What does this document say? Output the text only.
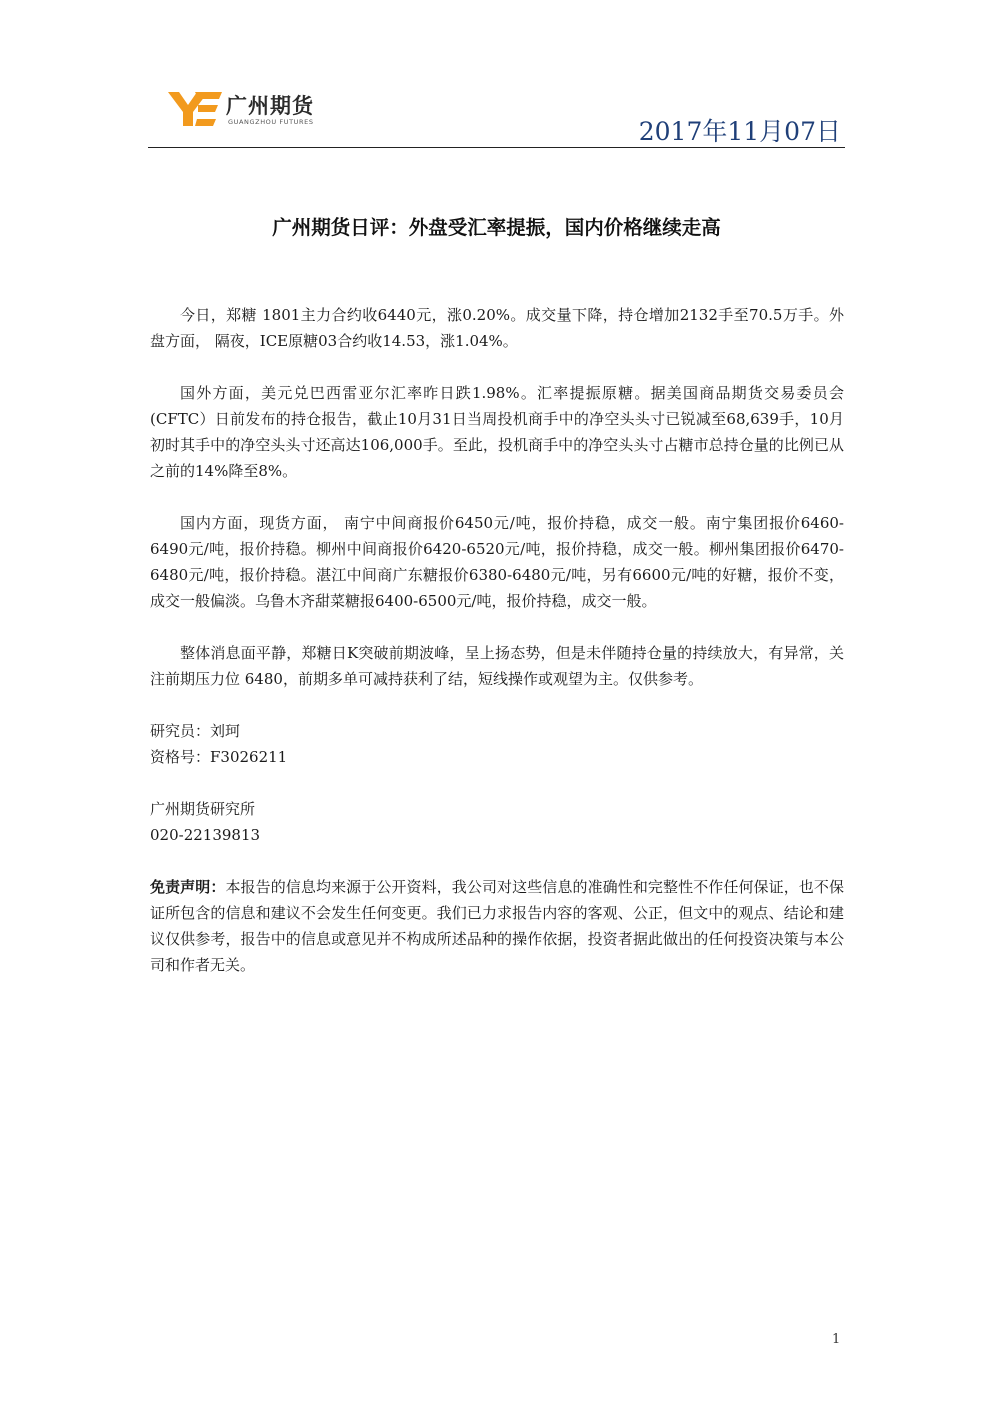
广州期货
GUANGZHOU FUTURES	2017年11月07日
广州期货日评：外盘受汇率提振，国内价格继续走高

今日，郑糖 1801主力合约收6440元，涨0.20%。成交量下降，持仓增加2132手至70.5万手。外盘方面， 隔夜，ICE原糖03合约收14.53，涨1.04%。

国外方面，美元兑巴西雷亚尔汇率昨日跌1.98%。汇率提振原糖。据美国商品期货交易委员会(CFTC）日前发布的持仓报告，截止10月31日当周投机商手中的净空头头寸已锐减至68,639手，10月初时其手中的净空头头寸还高达106,000手。至此，投机商手中的净空头头寸占糖市总持仓量的比例已从之前的14%降至8%。

国内方面，现货方面， 南宁中间商报价6450元/吨，报价持稳，成交一般。南宁集团报价6460-6490元/吨，报价持稳。柳州中间商报价6420-6520元/吨，报价持稳，成交一般。柳州集团报价6470-6480元/吨，报价持稳。湛江中间商广东糖报价6380-6480元/吨，另有6600元/吨的好糖，报价不变，成交一般偏淡。乌鲁木齐甜菜糖报6400-6500元/吨，报价持稳，成交一般。

整体消息面平静，郑糖日K突破前期波峰，呈上扬态势，但是未伴随持仓量的持续放大，有异常，关注前期压力位 6480，前期多单可减持获利了结，短线操作或观望为主。仅供参考。

研究员：刘珂

资格号：F3026211

广州期货研究所

020-22139813

免责声明：本报告的信息均来源于公开资料，我公司对这些信息的准确性和完整性不作任何保证，也不保证所包含的信息和建议不会发生任何变更。我们已力求报告内容的客观、公正，但文中的观点、结论和建议仅供参考，报告中的信息或意见并不构成所述品种的操作依据，投资者据此做出的任何投资决策与本公司和作者无关。

1
